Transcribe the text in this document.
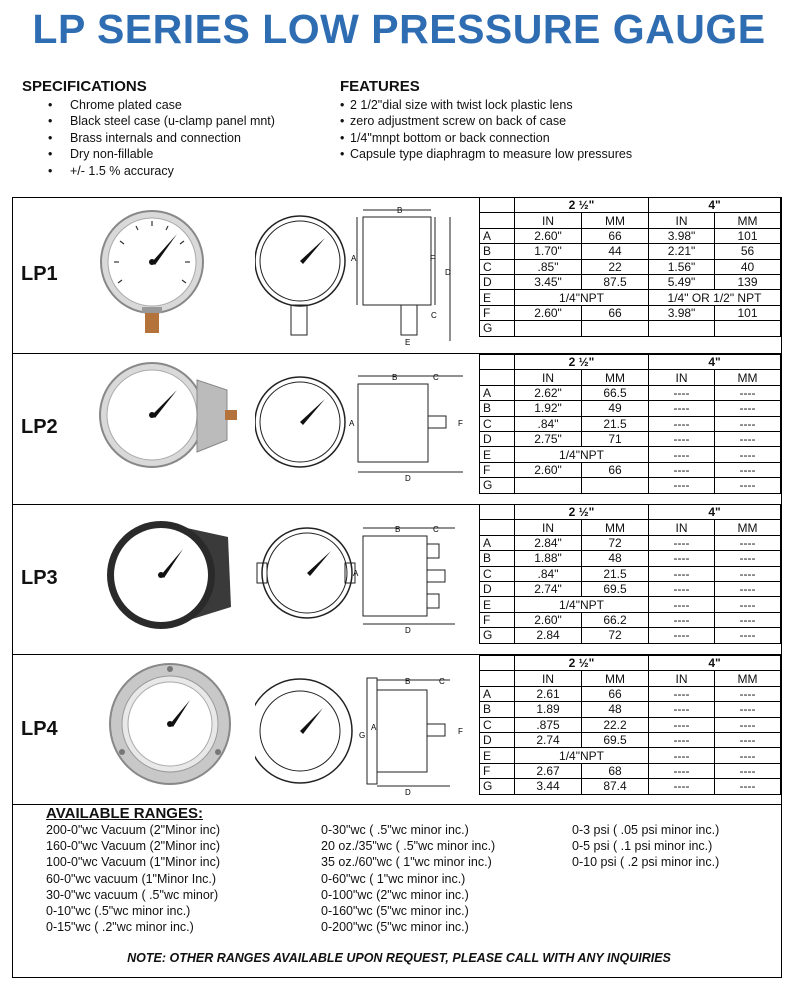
LP SERIES LOW PRESSURE GAUGE
SPECIFICATIONS
• Chrome plated case
• Black steel case (u-clamp panel mnt)
• Brass internals and connection
• Dry non-fillable
• +/- 1.5 % accuracy
FEATURES
• 2 1/2"dial size with twist lock plastic lens
• zero adjustment screw on back of case
• 1/4"mnpt bottom or back connection
• Capsule type diaphragm to measure low pressures
LP1
LP2
LP3
LP4
B
A	F
D
C
E
B	C
A	F
D
B	C
A
D
B	C
G
A	F
D
	2 ½"		4"	
	IN	MM	IN	MM
A	2.60"	66	3.98"	101
B	1.70"	44	2.21"	56
C	.85"	22	1.56"	40
D	3.45"	87.5	5.49"	139
E	1/4"NPT		1/4" OR 1/2" NPT	
F	2.60"	66	3.98"	101
G				
	2 ½"		4"	
	IN	MM	IN	MM
A	2.62"	66.5	----	----
B	1.92"	49	----	----
C	.84"	21.5	----	----
D	2.75"	71	----	----
E	1/4"NPT		----	----
F	2.60"	66	----	----
G			----	----
	2 ½"		4"	
	IN	MM	IN	MM
A	2.84"	72	----	----
B	1.88"	48	----	----
C	.84"	21.5	----	----
D	2.74"	69.5	----	----
E	1/4"NPT		----	----
F	2.60"	66.2	----	----
G	2.84	72	----	----
	2 ½"		4"	
	IN	MM	IN	MM
A	2.61	66	----	----
B	1.89	48	----	----
C	.875	22.2	----	----
D	2.74	69.5	----	----
E	1/4"NPT		----	----
F	2.67	68	----	----
G	3.44	87.4	----	----
AVAILABLE RANGES:
200-0"wc Vacuum (2"Minor inc)
160-0"wc Vacuum (2"Minor inc)
100-0"wc Vacuum (1"Minor inc)
60-0"wc vacuum (1"Minor Inc.)
30-0"wc vacuum ( .5"wc minor)
0-10"wc (.5"wc minor inc.)
0-15"wc ( .2"wc minor inc.)
0-30"wc ( .5"wc minor inc.)
20 oz./35"wc ( .5"wc minor inc.)
35 oz./60"wc ( 1"wc minor inc.)
0-60"wc ( 1"wc minor inc.)
0-100"wc (2"wc minor inc.)
0-160"wc (5"wc minor inc.)
0-200"wc (5"wc minor inc.)
0-3 psi ( .05 psi minor inc.)
0-5 psi ( .1 psi minor inc.)
0-10 psi ( .2 psi minor inc.)
NOTE: OTHER RANGES AVAILABLE UPON REQUEST, PLEASE CALL WITH ANY INQUIRIES
